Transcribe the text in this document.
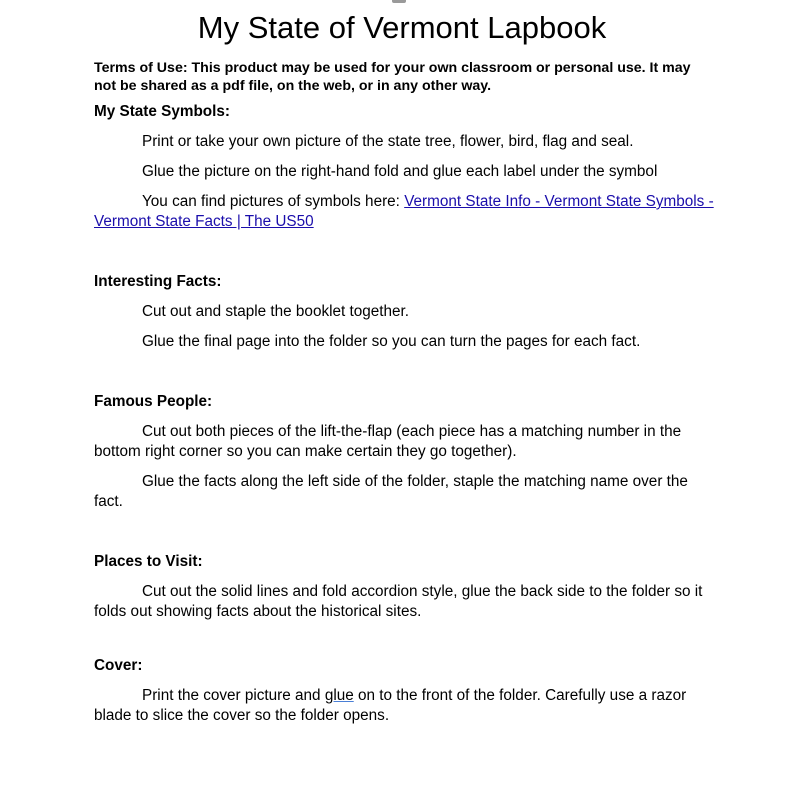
My State of Vermont Lapbook

Terms of Use: This product may be used for your own classroom or personal use. It may not be shared as a pdf file, on the web, or in any other way.

My State Symbols:

Print or take your own picture of the state tree, flower, bird, flag and seal.

Glue the picture on the right-hand fold and glue each label under the symbol

You can find pictures of symbols here: Vermont State Info - Vermont State Symbols - Vermont State Facts | The US50

Interesting Facts:

Cut out and staple the booklet together.

Glue the final page into the folder so you can turn the pages for each fact.

Famous People:

Cut out both pieces of the lift-the-flap (each piece has a matching number in the bottom right corner so you can make certain they go together).

Glue the facts along the left side of the folder, staple the matching name over the fact.

Places to Visit:

Cut out the solid lines and fold accordion style, glue the back side to the folder so it folds out showing facts about the historical sites.

Cover:

Print the cover picture and glue on to the front of the folder. Carefully use a razor blade to slice the cover so the folder opens.
